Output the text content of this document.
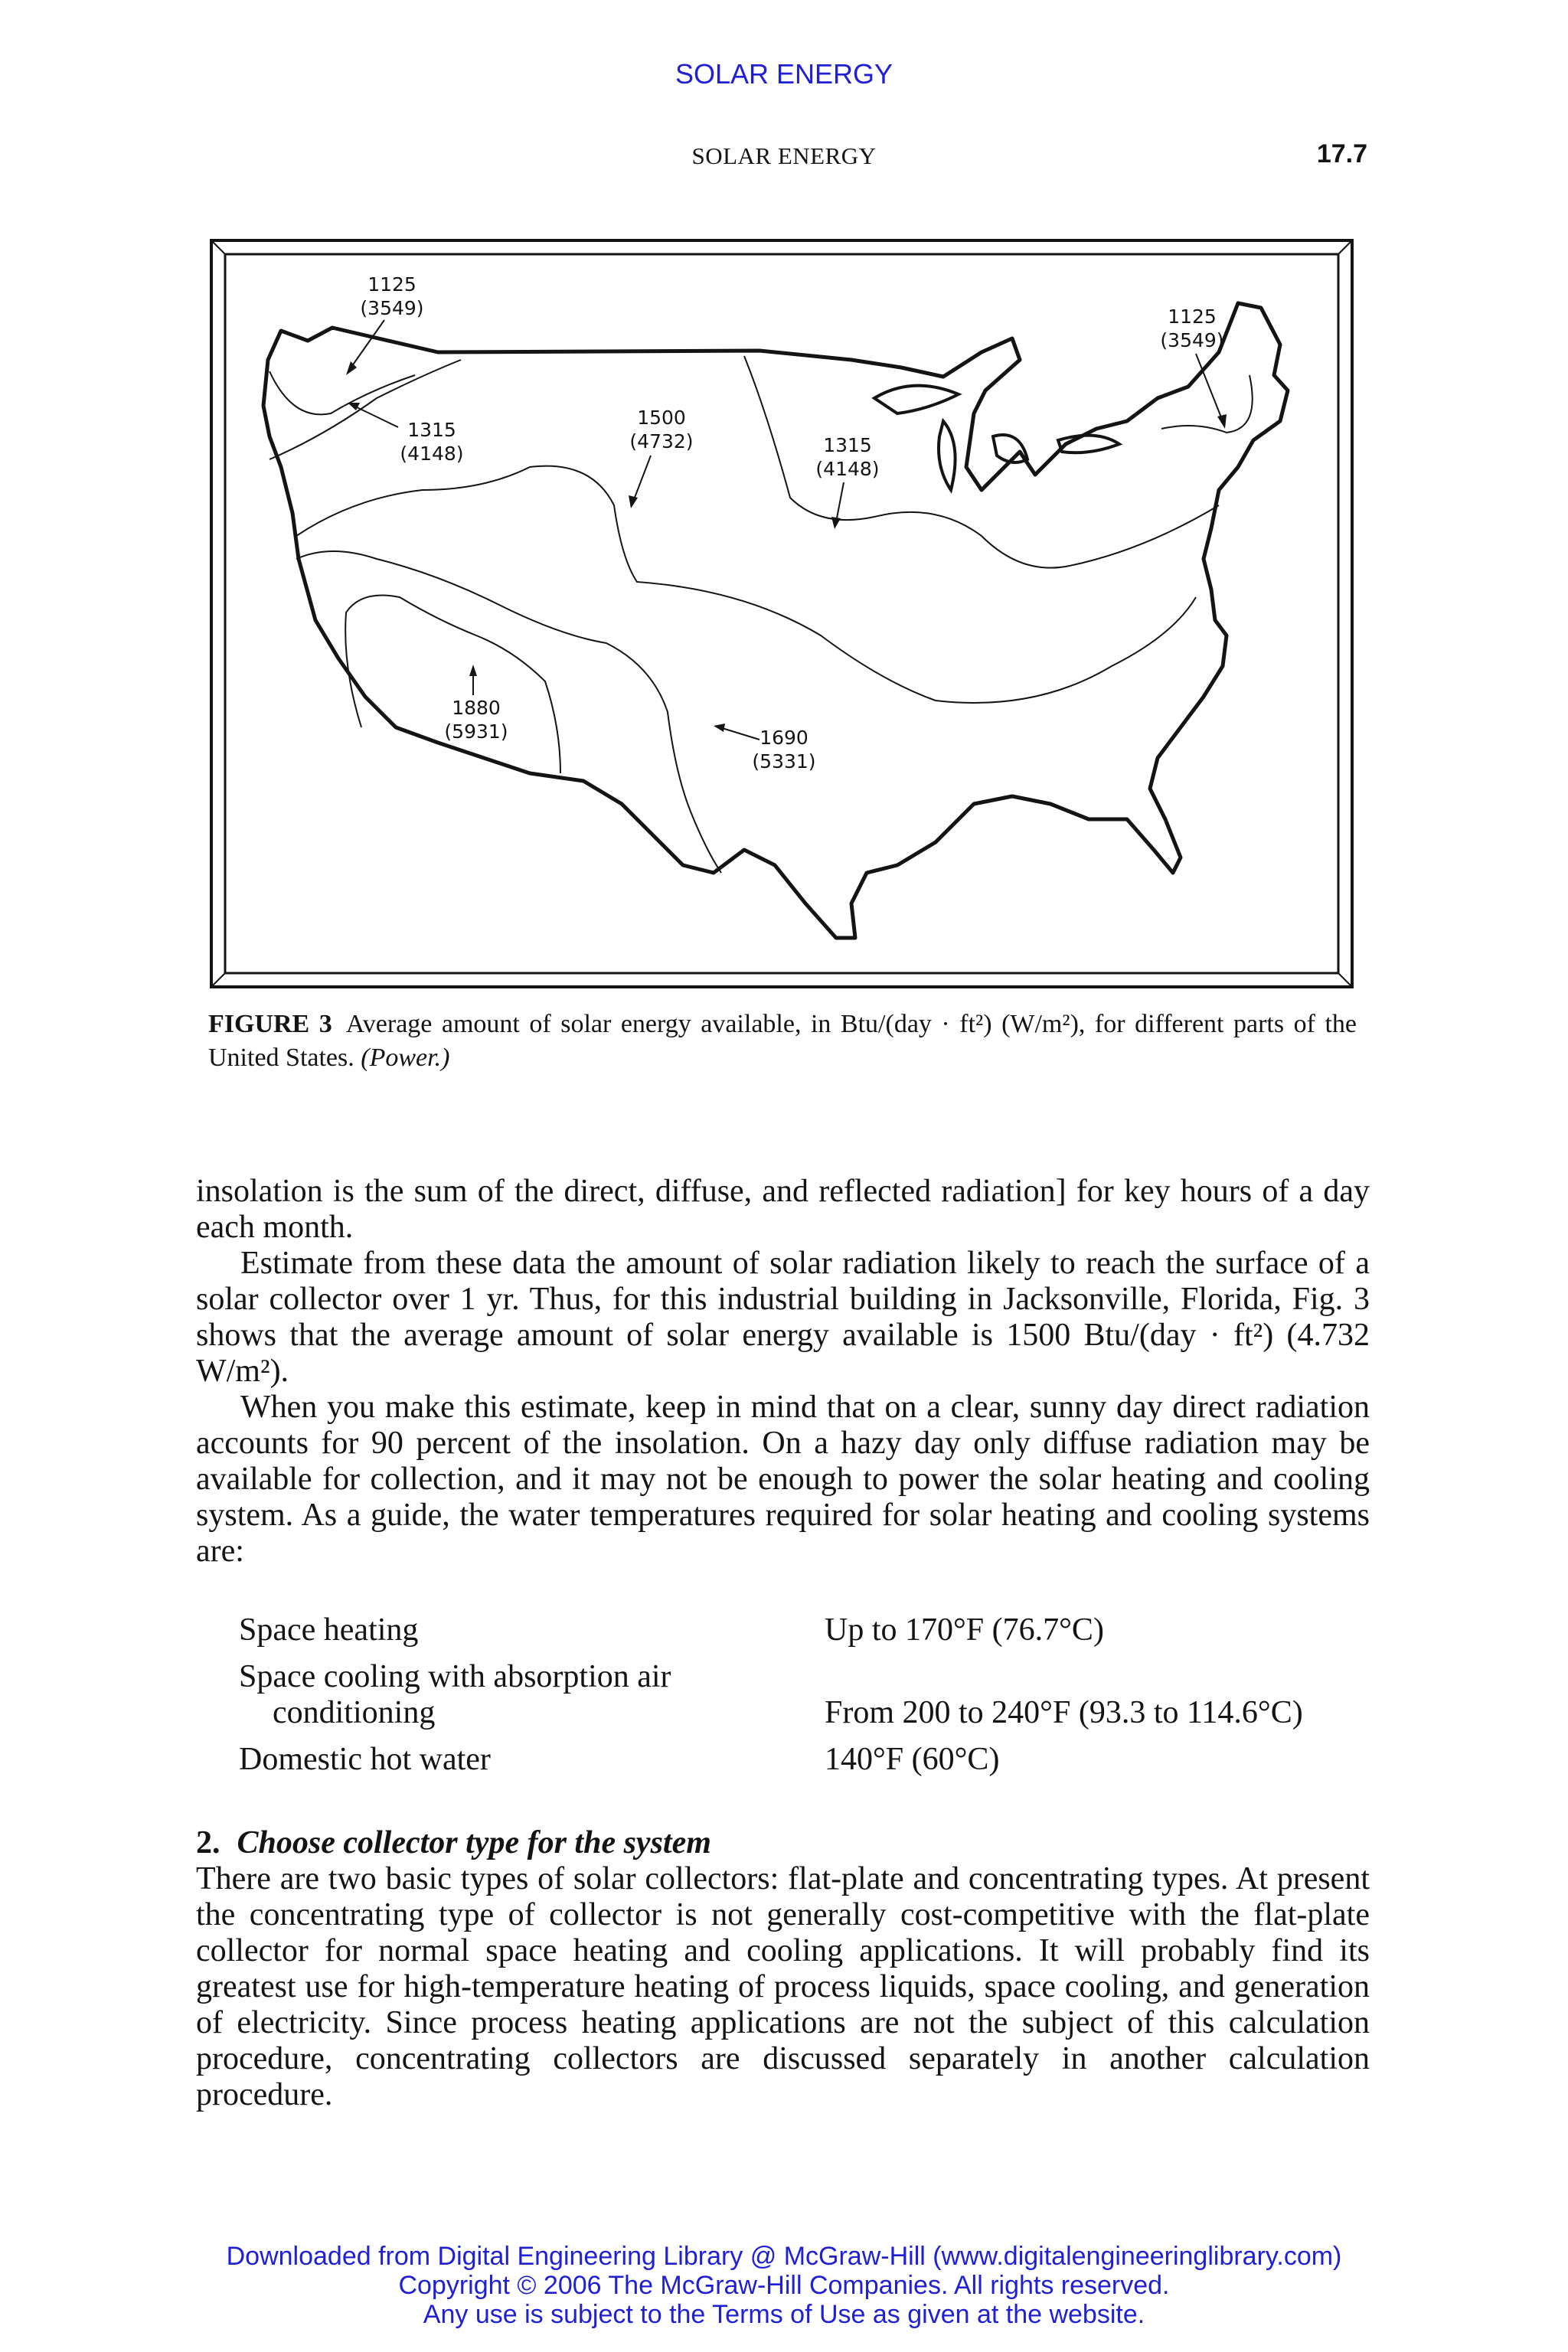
SOLAR ENERGY
SOLAR ENERGY	17.7
1125
(3549)	1125
(3549)
1315
(4148)
1500
(4732)	1315
(4148)
1880
(5931)	1690
(5331)
FIGURE 3 Average amount of solar energy available, in Btu/(day · ft²) (W/m²), for different parts of the United States. (Power.)

insolation is the sum of the direct, diffuse, and reflected radiation] for key hours of a day each month.

Estimate from these data the amount of solar radiation likely to reach the surface of a solar collector over 1 yr. Thus, for this industrial building in Jacksonville, Florida, Fig. 3 shows that the average amount of solar energy available is 1500 Btu/(day · ft²) (4.732 W/m²).

When you make this estimate, keep in mind that on a clear, sunny day direct radiation accounts for 90 percent of the insolation. On a hazy day only diffuse radiation may be available for collection, and it may not be enough to power the solar heating and cooling system. As a guide, the water temperatures required for solar heating and cooling systems are:

Space heating	Up to 170°F (76.7°C)
Space cooling with absorption air
conditioning	From 200 to 240°F (93.3 to 114.6°C)
Domestic hot water	140°F (60°C)
2. Choose collector type for the system

There are two basic types of solar collectors: flat-plate and concentrating types. At present the concentrating type of collector is not generally cost-competitive with the flat-plate collector for normal space heating and cooling applications. It will probably find its greatest use for high-temperature heating of process liquids, space cooling, and generation of electricity. Since process heating applications are not the subject of this calculation procedure, concentrating collectors are discussed separately in another calculation procedure.

Downloaded from Digital Engineering Library @ McGraw-Hill (www.digitalengineeringlibrary.com)
Copyright © 2006 The McGraw-Hill Companies. All rights reserved.
Any use is subject to the Terms of Use as given at the website.
